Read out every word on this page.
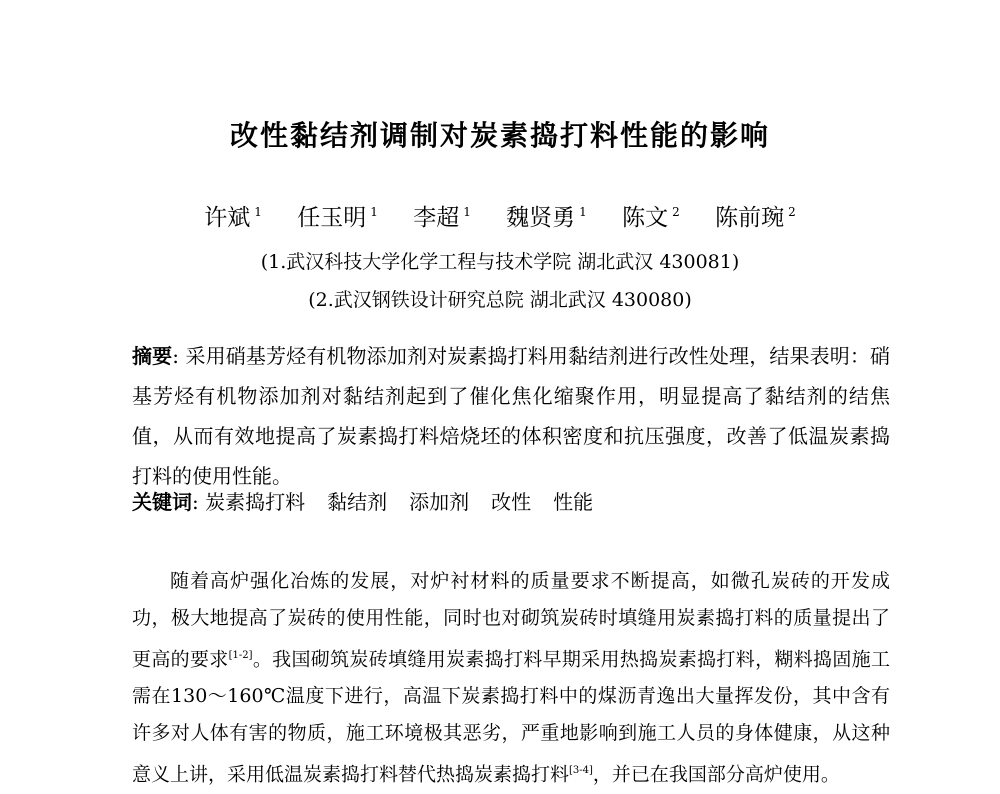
改性黏结剂调制对炭素捣打料性能的影响
许斌 $^1$ 任玉明 $^1$ 李超 $^1$ 魏贤勇 $^1$ 陈文 $^2$ 陈前琬 $^2$
(1.武汉科技大学化学工程与技术学院 湖北武汉 430081)
(2.武汉钢铁设计研究总院 湖北武汉 430080)
摘要: 采用硝基芳烃有机物添加剂对炭素捣打料用黏结剂进行改性处理，结果表明：硝基芳烃有机物添加剂对黏结剂起到了催化焦化缩聚作用，明显提高了黏结剂的结焦值，从而有效地提高了炭素捣打料焙烧坯的体积密度和抗压强度，改善了低温炭素捣打料的使用性能。
关键词: 炭素捣打料 黏结剂 添加剂 改性 性能
随着高炉强化冶炼的发展，对炉衬材料的质量要求不断提高，如微孔炭砖的开发成功，极大地提高了炭砖的使用性能，同时也对砌筑炭砖时填缝用炭素捣打料的质量提出了更高的要求[1-2]。我国砌筑炭砖填缝用炭素捣打料早期采用热捣炭素捣打料，糊料捣固施工需在130～160℃温度下进行，高温下炭素捣打料中的煤沥青逸出大量挥发份，其中含有许多对人体有害的物质，施工环境极其恶劣，严重地影响到施工人员的身体健康，从这种意义上讲，采用低温炭素捣打料替代热捣炭素捣打料[3-4]，并已在我国部分高炉使用。
